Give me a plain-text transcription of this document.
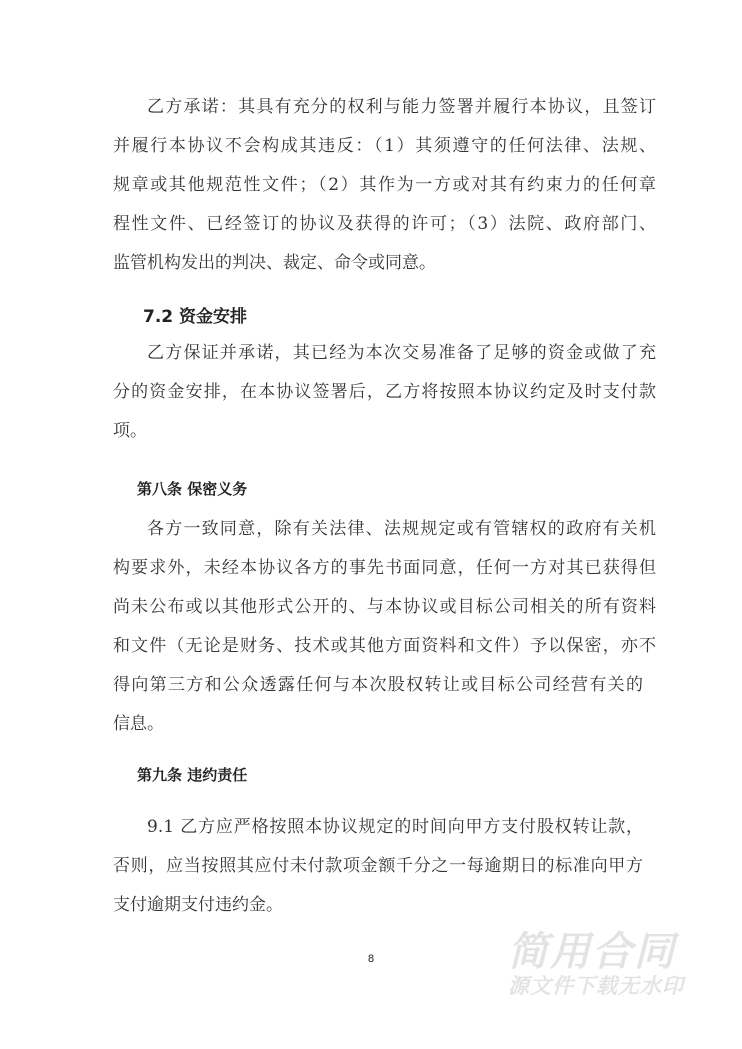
乙方承诺：其具有充分的权利与能力签署并履行本协议，且签订
并履行本协议不会构成其违反：（1）其须遵守的任何法律、法规、
规章或其他规范性文件；（2）其作为一方或对其有约束力的任何章
程性文件、已经签订的协议及获得的许可；（3）法院、政府部门、
监管机构发出的判决、裁定、命令或同意。
7.2 资金安排
乙方保证并承诺，其已经为本次交易准备了足够的资金或做了充
分的资金安排，在本协议签署后，乙方将按照本协议约定及时支付款
项。
第八条 保密义务
各方一致同意，除有关法律、法规规定或有管辖权的政府有关机
构要求外，未经本协议各方的事先书面同意，任何一方对其已获得但
尚未公布或以其他形式公开的、与本协议或目标公司相关的所有资料
和文件（无论是财务、技术或其他方面资料和文件）予以保密，亦不
得向第三方和公众透露任何与本次股权转让或目标公司经营有关的
信息。
第九条 违约责任
9.1 乙方应严格按照本协议规定的时间向甲方支付股权转让款，
否则，应当按照其应付未付款项金额千分之一每逾期日的标准向甲方
支付逾期支付违约金。
8	简用合同
源文件下载无水印
